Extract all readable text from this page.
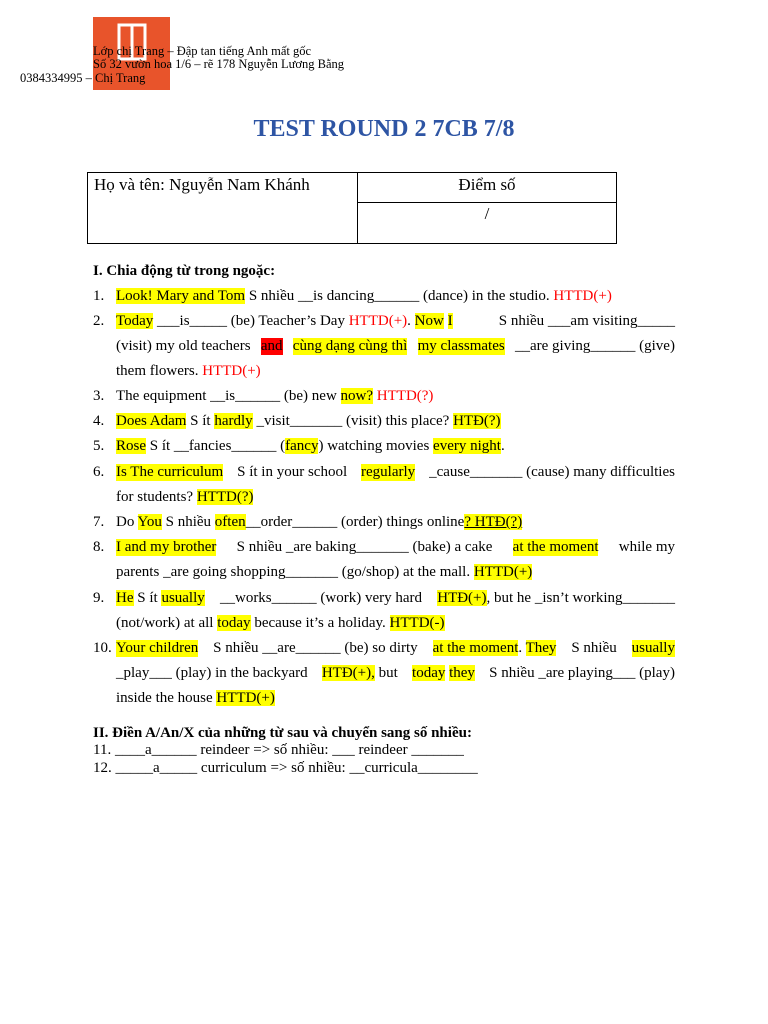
Lớp chị Trang – Đập tan tiếng Anh mất gốc
Số 32 vườn hoa 1/6 – rẽ 178 Nguyễn Lương Bằng
0384334995 – Chị Trang
TEST ROUND 2 7CB 7/8
Họ và tên: Nguyễn Nam Khánh	Điểm số
/
I. Chia động từ trong ngoặc:
1. Look! Mary and Tom S nhiều __is dancing______ (dance) in the studio. HTTD(+)
2. Today ___is_____ (be) Teacher’s Day HTTD(+). Now I	S nhiều ___am visiting_____
(visit) my old teachers and cùng dạng cùng thì my classmates __are giving______ (give)
them flowers. HTTD(+)
3. The equipment __is______ (be) new now? HTTD(?)
4. Does Adam S ít hardly _visit_______ (visit) this place? HTĐ(?)
5. Rose S ít __fancies______ (fancy) watching movies every night.
6. Is The curriculum S ít in your school regularly _cause_______ (cause) many difficulties
for students? HTTD(?)
7. Do You S nhiều often__order______ (order) things online? HTĐ(?)
8. I and my brother S nhiều _are baking_______ (bake) a cake at the moment while my
parents _are going shopping_______ (go/shop) at the mall. HTTD(+)
9. He S ít usually __works______ (work) very hard HTĐ(+), but he _isn’t working_______
(not/work) at all today because it’s a holiday. HTTD(-)
10. Your children S nhiều __are______ (be) so dirty at the moment. They S nhiều usually
_play___ (play) in the backyard HTĐ(+), but today they S nhiều _are playing___ (play)
inside the house HTTD(+)
II. Điền A/An/X của những từ sau và chuyển sang số nhiều:
11. ____a______ reindeer => số nhiều: ___ reindeer _______
12. _____a_____ curriculum => số nhiều: __curricula________
